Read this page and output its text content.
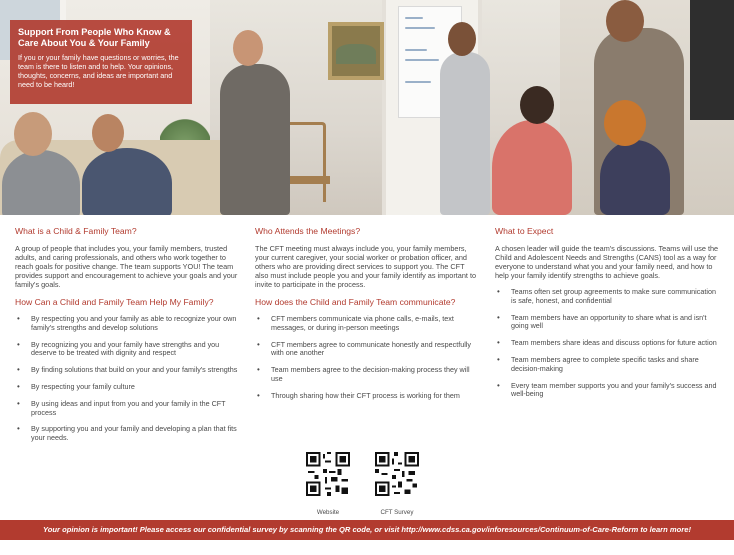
Support From People Who Know &
Care About You & Your Family

If you or your family have questions or worries, the team is there to listen and to help. Your opinions, thoughts, concerns, and ideas are important and need to be heard!

What is a Child & Family Team?

A group of people that includes you, your family members, trusted adults, and caring professionals, and others who work together to reach goals for positive change. The team supports YOU! The team provides support and encouragement to achieve your goals and your family's goals.

How Can a Child and Family Team Help My Family?
• By respecting you and your family as able to recognize your own family's strengths and develop solutions
• By recognizing you and your family have strengths and you deserve to be treated with dignity and respect
• By finding solutions that build on your and your family's strengths
• By respecting your family culture
• By using ideas and input from you and your family in the CFT process
• By supporting you and your family and developing a plan that fits your needs.
Who Attends the Meetings?

The CFT meeting must always include you, your family members, your current caregiver, your social worker or probation officer, and others who are providing direct services to support you. The CFT also must include people you and your family identify as important to invite to participate in the process.

How does the Child and Family Team communicate?
• CFT members communicate via phone calls, e-mails, text messages, or during in-person meetings
• CFT members agree to communicate honestly and respectfully with one another
• Team members agree to the decision-making process they will use
• Through sharing how their CFT process is working for them
Website	CFT Survey
What to Expect

A chosen leader will guide the team's discussions. Teams will use the Child and Adolescent Needs and Strengths (CANS) tool as a way for everyone to understand what you and your family need, and how to help your family identify strengths to achieve goals.

• Teams often set group agreements to make sure communication is safe, honest, and confidential
• Team members have an opportunity to share what is and isn't going well
• Team members share ideas and discuss options for future action
• Team members agree to complete specific tasks and share decision-making
• Every team member supports you and your family's success and well-being
Your opinion is important! Please access our confidential survey by scanning the QR code, or visit http://www.cdss.ca.gov/inforesources/Continuum-of-Care-Reform to learn more!
